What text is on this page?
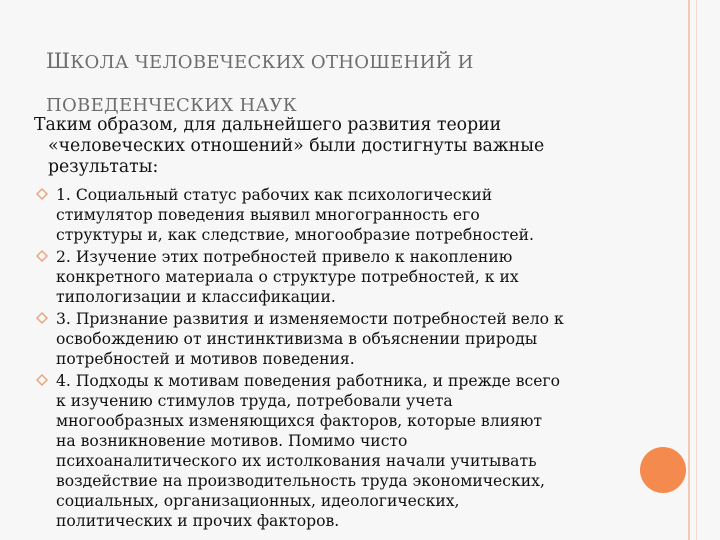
ШКОЛА ЧЕЛОВЕЧЕСКИХ ОТНОШЕНИЙ И
ПОВЕДЕНЧЕСКИХ НАУК
Таким образом, для дальнейшего развития теории
«человеческих отношений» были достигнуты важные
результаты:
1. Социальный статус рабочих как психологический
стимулятор поведения выявил многогранность его
структуры и, как следствие, многообразие потребностей.
2. Изучение этих потребностей привело к накоплению
конкретного материала о структуре потребностей, к их
типологизации и классификации.
3. Признание развития и изменяемости потребностей вело к
освобождению от инстинктивизма в объяснении природы
потребностей и мотивов поведения.
4. Подходы к мотивам поведения работника, и прежде всего
к изучению стимулов труда, потребовали учета
многообразных изменяющихся факторов, которые влияют
на возникновение мотивов. Помимо чисто
психоаналитического их истолкования начали учитывать
воздействие на производительность труда экономических,
социальных, организационных, идеологических,
политических и прочих факторов.
